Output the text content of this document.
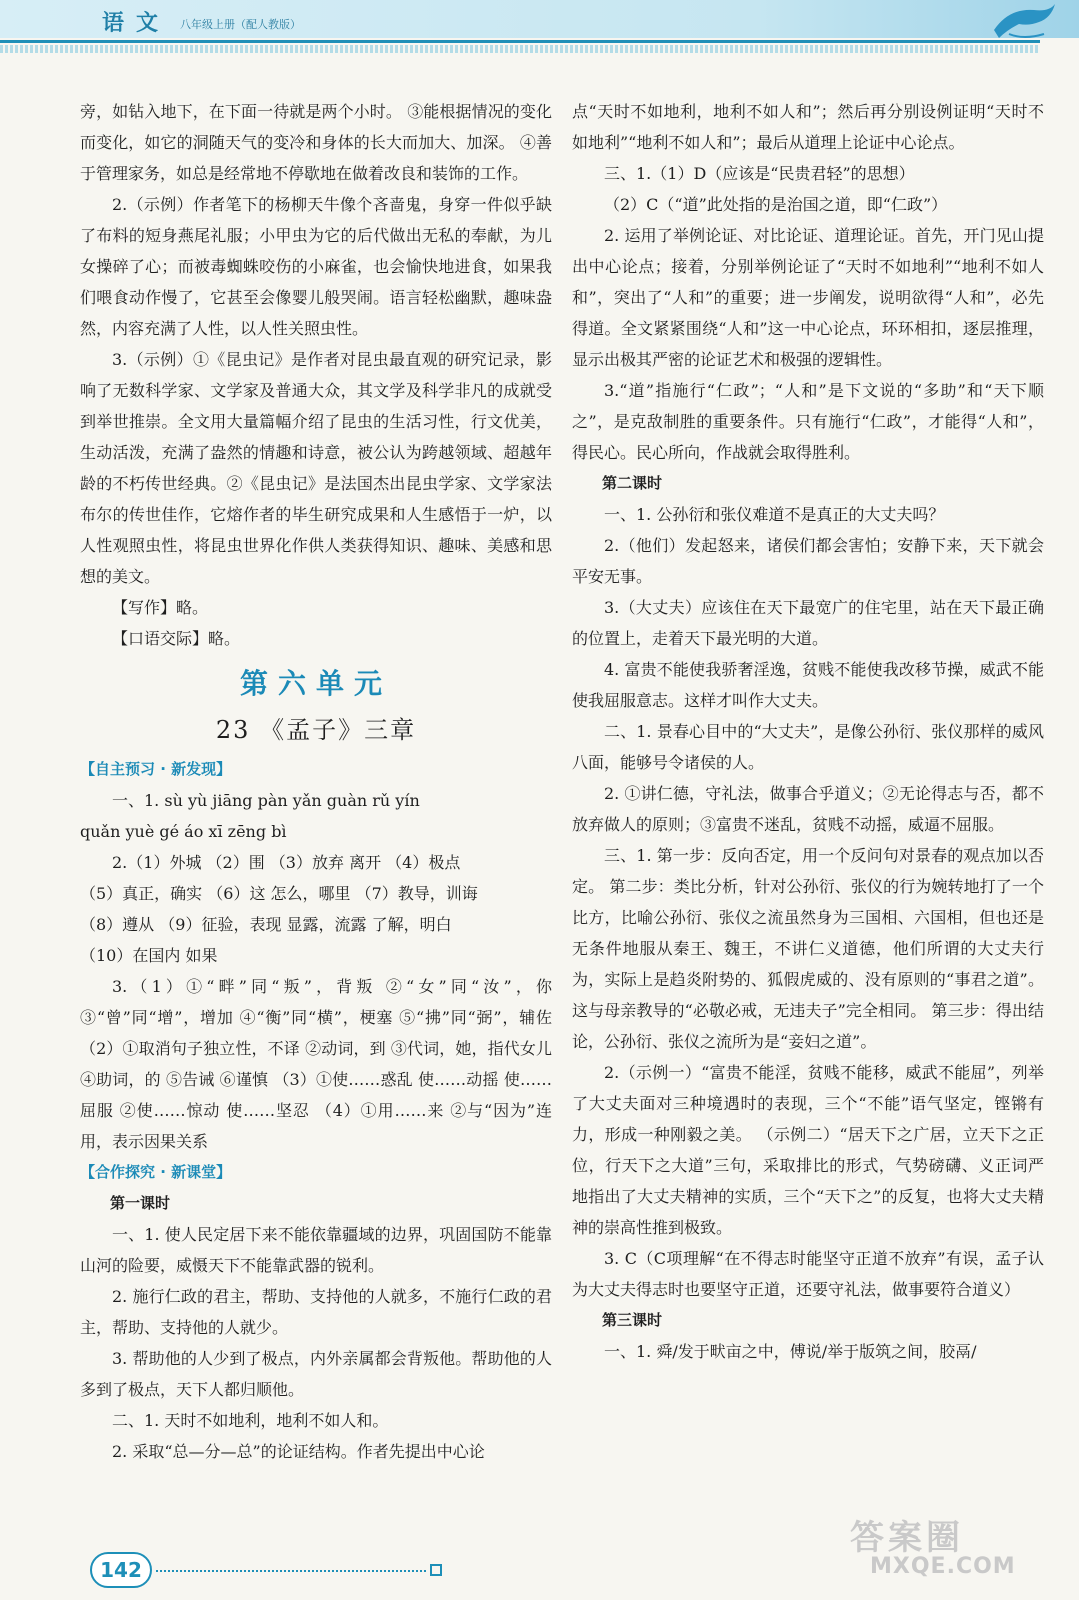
语文 八年级上册（配人教版）

旁，如钻入地下，在下面一待就是两个小时。 ③能根据情况的变化而变化，如它的洞随天气的变冷和身体的长大而加大、加深。 ④善于管理家务，如总是经常地不停歇地在做着改良和装饰的工作。

2.（示例）作者笔下的杨柳天牛像个吝啬鬼，身穿一件似乎缺了布料的短身燕尾礼服；小甲虫为它的后代做出无私的奉献，为儿女操碎了心；而被毒蜘蛛咬伤的小麻雀，也会愉快地进食，如果我们喂食动作慢了，它甚至会像婴儿般哭闹。语言轻松幽默，趣味盎然，内容充满了人性，以人性关照虫性。

3.（示例）①《昆虫记》是作者对昆虫最直观的研究记录，影响了无数科学家、文学家及普通大众，其文学及科学非凡的成就受到举世推崇。全文用大量篇幅介绍了昆虫的生活习性，行文优美，生动活泼，充满了盎然的情趣和诗意，被公认为跨越领域、超越年龄的不朽传世经典。②《昆虫记》是法国杰出昆虫学家、文学家法布尔的传世佳作，它熔作者的毕生研究成果和人生感悟于一炉，以人性观照虫性，将昆虫世界化作供人类获得知识、趣味、美感和思想的美文。

【写作】略。

【口语交际】略。

第六单元

23 《孟子》三章

【自主预习 · 新发现】

一、1. sù yù jiāng pàn yǎn guàn rǔ yín

quǎn yuè gé áo xī zēng bì

2.（1）外城 （2）围 （3）放弃 离开 （4）极点

（5）真正，确实 （6）这 怎么，哪里 （7）教导，训诲

（8）遵从 （9）征验，表现 显露，流露 了解，明白

（10）在国内 如果

3.（1）①“畔”同“叛”，背叛 ②“女”同“汝”，你 ③“曾”同“增”，增加 ④“衡”同“横”，梗塞 ⑤“拂”同“弼”，辅佐 （2）①取消句子独立性，不译 ②动词，到 ③代词，她，指代女儿 ④助词，的 ⑤告诫 ⑥谨慎 （3）①使……惑乱 使……动摇 使……屈服 ②使……惊动 使……坚忍 （4）①用……来 ②与“因为”连用，表示因果关系

【合作探究 · 新课堂】

第一课时

一、1. 使人民定居下来不能依靠疆域的边界，巩固国防不能靠山河的险要，威慑天下不能靠武器的锐利。

2. 施行仁政的君主，帮助、支持他的人就多，不施行仁政的君主，帮助、支持他的人就少。

3. 帮助他的人少到了极点，内外亲属都会背叛他。帮助他的人多到了极点，天下人都归顺他。

二、1. 天时不如地利，地利不如人和。

2. 采取“总—分—总”的论证结构。作者先提出中心论

点“天时不如地利，地利不如人和”；然后再分别设例证明“天时不如地利”“地利不如人和”；最后从道理上论证中心论点。

三、1.（1）D（应该是“民贵君轻”的思想）

（2）C（“道”此处指的是治国之道，即“仁政”）

2. 运用了举例论证、对比论证、道理论证。首先，开门见山提出中心论点；接着，分别举例论证了“天时不如地利”“地利不如人和”，突出了“人和”的重要；进一步阐发，说明欲得“人和”，必先得道。全文紧紧围绕“人和”这一中心论点，环环相扣，逐层推理，显示出极其严密的论证艺术和极强的逻辑性。

3.“道”指施行“仁政”；“人和”是下文说的“多助”和“天下顺之”，是克敌制胜的重要条件。只有施行“仁政”，才能得“人和”，得民心。民心所向，作战就会取得胜利。

第二课时

一、1. 公孙衍和张仪难道不是真正的大丈夫吗？

2.（他们）发起怒来，诸侯们都会害怕；安静下来，天下就会平安无事。

3.（大丈夫）应该住在天下最宽广的住宅里，站在天下最正确的位置上，走着天下最光明的大道。

4. 富贵不能使我骄奢淫逸，贫贱不能使我改移节操，威武不能使我屈服意志。这样才叫作大丈夫。

二、1. 景春心目中的“大丈夫”，是像公孙衍、张仪那样的威风八面，能够号令诸侯的人。

2. ①讲仁德，守礼法，做事合乎道义；②无论得志与否，都不放弃做人的原则；③富贵不迷乱，贫贱不动摇，威逼不屈服。

三、1. 第一步：反向否定，用一个反问句对景春的观点加以否定。 第二步：类比分析，针对公孙衍、张仪的行为婉转地打了一个比方，比喻公孙衍、张仪之流虽然身为三国相、六国相，但也还是无条件地服从秦王、魏王，不讲仁义道德，他们所谓的大丈夫行为，实际上是趋炎附势的、狐假虎威的、没有原则的“事君之道”。这与母亲教导的“必敬必戒，无违夫子”完全相同。 第三步：得出结论，公孙衍、张仪之流所为是“妾妇之道”。

2.（示例一）“富贵不能淫，贫贱不能移，威武不能屈”，列举了大丈夫面对三种境遇时的表现，三个“不能”语气坚定，铿锵有力，形成一种刚毅之美。 （示例二）“居天下之广居，立天下之正位，行天下之大道”三句，采取排比的形式，气势磅礴、义正词严地指出了大丈夫精神的实质，三个“天下之”的反复，也将大丈夫精神的崇高性推到极致。

3. C（C项理解“在不得志时能坚守正道不放弃”有误，孟子认为大丈夫得志时也要坚守正道，还要守礼法，做事要符合道义）

第三课时

一、1. 舜/发于畎亩之中，傅说/举于版筑之间，胶鬲/

142
答案圈
MXQE.COM
